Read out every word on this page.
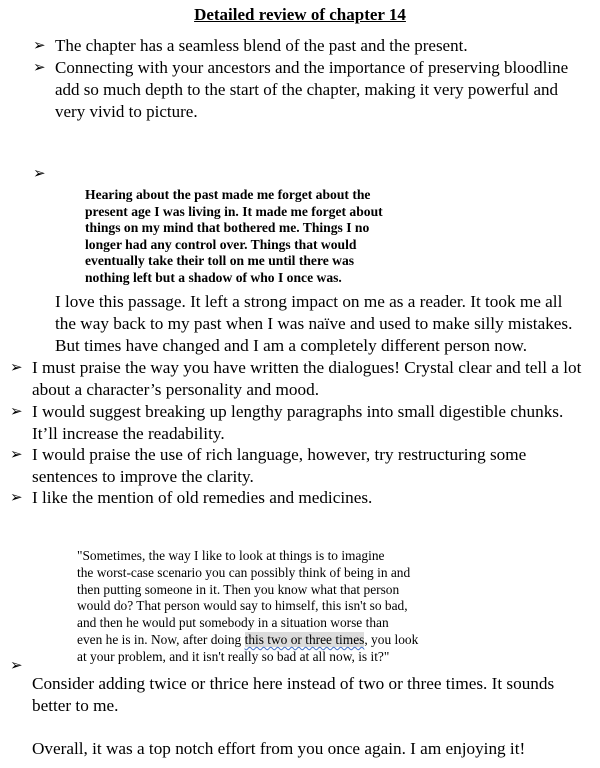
Detailed review of chapter 14
➢ The chapter has a seamless blend of the past and the present.
➢ Connecting with your ancestors and the importance of preserving bloodline
add so much depth to the start of the chapter, making it very powerful and
very vivid to picture.
➢
Hearing about the past made me forget about the
present age I was living in. It made me forget about
things on my mind that bothered me. Things I no
longer had any control over. Things that would
eventually take their toll on me until there was
nothing left but a shadow of who I once was.
I love this passage. It left a strong impact on me as a reader. It took me all
the way back to my past when I was naïve and used to make silly mistakes.
But times have changed and I am a completely different person now.
➢ I must praise the way you have written the dialogues! Crystal clear and tell a lot
about a character’s personality and mood.
➢ I would suggest breaking up lengthy paragraphs into small digestible chunks.
It’ll increase the readability.
➢ I would praise the use of rich language, however, try restructuring some
sentences to improve the clarity.
➢ I like the mention of old remedies and medicines.
"Sometimes, the way I like to look at things is to imagine
the worst-case scenario you can possibly think of being in and
then putting someone in it. Then you know what that person
would do? That person would say to himself, this isn't so bad,
and then he would put somebody in a situation worse than
even he is in. Now, after doing this two or three times, you look
at your problem, and it isn't really so bad at all now, is it?"
➢
Consider adding twice or thrice here instead of two or three times. It sounds
better to me.
Overall, it was a top notch effort from you once again. I am enjoying it!
